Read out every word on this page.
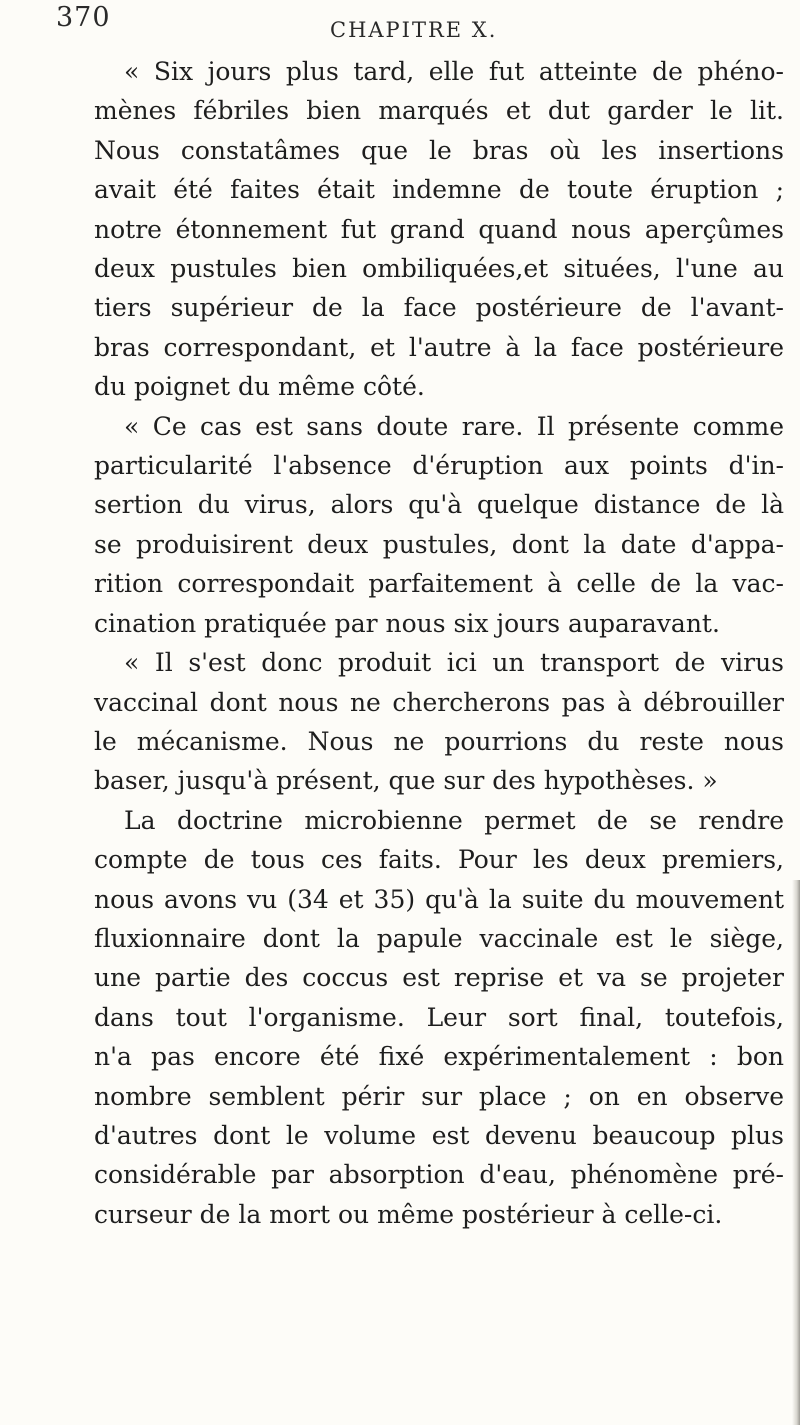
370	CHAPITRE X.
« Six jours plus tard, elle fut atteinte de phéno-
mènes fébriles bien marqués et dut garder le lit.
Nous constatâmes que le bras où les insertions
avait été faites était indemne de toute éruption ;
notre étonnement fut grand quand nous aperçûmes
deux pustules bien ombiliquées,et situées, l'une au
tiers supérieur de la face postérieure de l'avant-
bras correspondant, et l'autre à la face postérieure
du poignet du même côté.
« Ce cas est sans doute rare. Il présente comme
particularité l'absence d'éruption aux points d'in-
sertion du virus, alors qu'à quelque distance de là
se produisirent deux pustules, dont la date d'appa-
rition correspondait parfaitement à celle de la vac-
cination pratiquée par nous six jours auparavant.
« Il s'est donc produit ici un transport de virus
vaccinal dont nous ne chercherons pas à débrouiller
le mécanisme. Nous ne pourrions du reste nous
baser, jusqu'à présent, que sur des hypothèses. »
La doctrine microbienne permet de se rendre
compte de tous ces faits. Pour les deux premiers,
nous avons vu (34 et 35) qu'à la suite du mouvement
fluxionnaire dont la papule vaccinale est le siège,
une partie des coccus est reprise et va se projeter
dans tout l'organisme. Leur sort final, toutefois,
n'a pas encore été fixé expérimentalement : bon
nombre semblent périr sur place ; on en observe
d'autres dont le volume est devenu beaucoup plus
considérable par absorption d'eau, phénomène pré-
curseur de la mort ou même postérieur à celle-ci.
